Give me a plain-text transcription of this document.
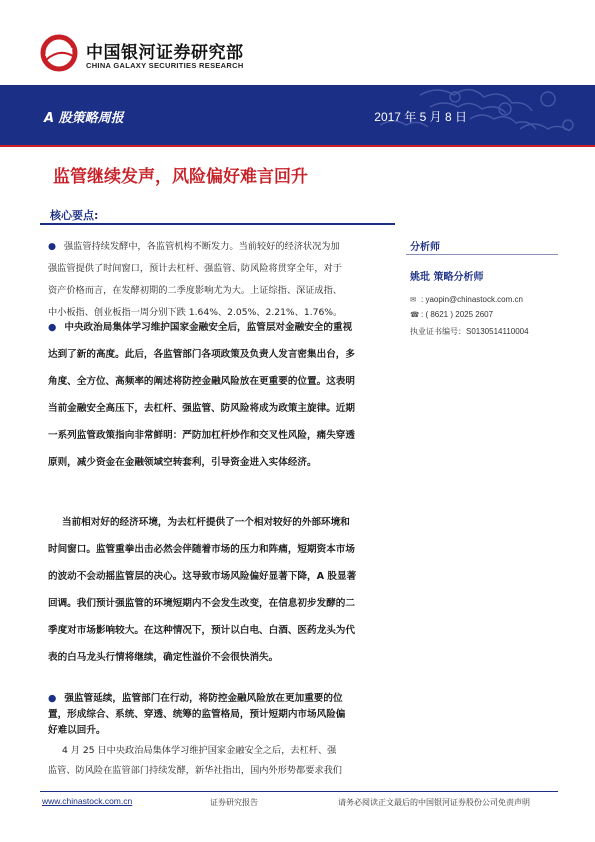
中国银河证券研究部
CHINA GALAXY SECURITIES RESEARCH
A 股策略周报	2017 年 5 月 8 日
监管继续发声，风险偏好难言回升
核心要点:
分析师
姚玭 策略分析师
✉ : yaopin@chinastock.com.cn
☎ : ( 8621 ) 2025 2607
执业证书编号：S0130514110004
● 强监管持续发酵中，各监管机构不断发力。当前较好的经济状况为加
强监管提供了时间窗口，预计去杠杆、强监管、防风险将贯穿全年，对于
资产价格而言，在发酵初期的二季度影响尤为大。上证综指、深证成指、
中小板指、创业板指一周分别下跌 1.64%、2.05%、2.21%、1.76%。
● 中央政治局集体学习维护国家金融安全后，监管层对金融安全的重视
达到了新的高度。此后，各监管部门各项政策及负责人发言密集出台，多
角度、全方位、高频率的阐述将防控金融风险放在更重要的位置。这表明
当前金融安全高压下，去杠杆、强监管、防风险将成为政策主旋律。近期
一系列监管政策指向非常鲜明：严防加杠杆炒作和交叉性风险，痛失穿透
原则，减少资金在金融领域空转套利，引导资金进入实体经济。
当前相对好的经济环境，为去杠杆提供了一个相对较好的外部环境和
时间窗口。监管重拳出击必然会伴随着市场的压力和阵痛，短期资本市场
的波动不会动摇监管层的决心。这导致市场风险偏好显著下降，A 股显著
回调。我们预计强监管的环境短期内不会发生改变，在信息初步发酵的二
季度对市场影响较大。在这种情况下，预计以白电、白酒、医药龙头为代
表的白马龙头行情将继续，确定性溢价不会很快消失。
● 强监管延续，监管部门在行动，将防控金融风险放在更加重要的位
置，形成综合、系统、穿透、统筹的监管格局，预计短期内市场风险偏
好难以回升。
4 月 25 日中央政治局集体学习维护国家金融安全之后，去杠杆、强
监管、防风险在监管部门持续发酵，新华社指出，国内外形势都要求我们
www.chinastock.com.cn	证券研究报告	请务必阅读正文最后的中国银河证券股份公司免责声明
